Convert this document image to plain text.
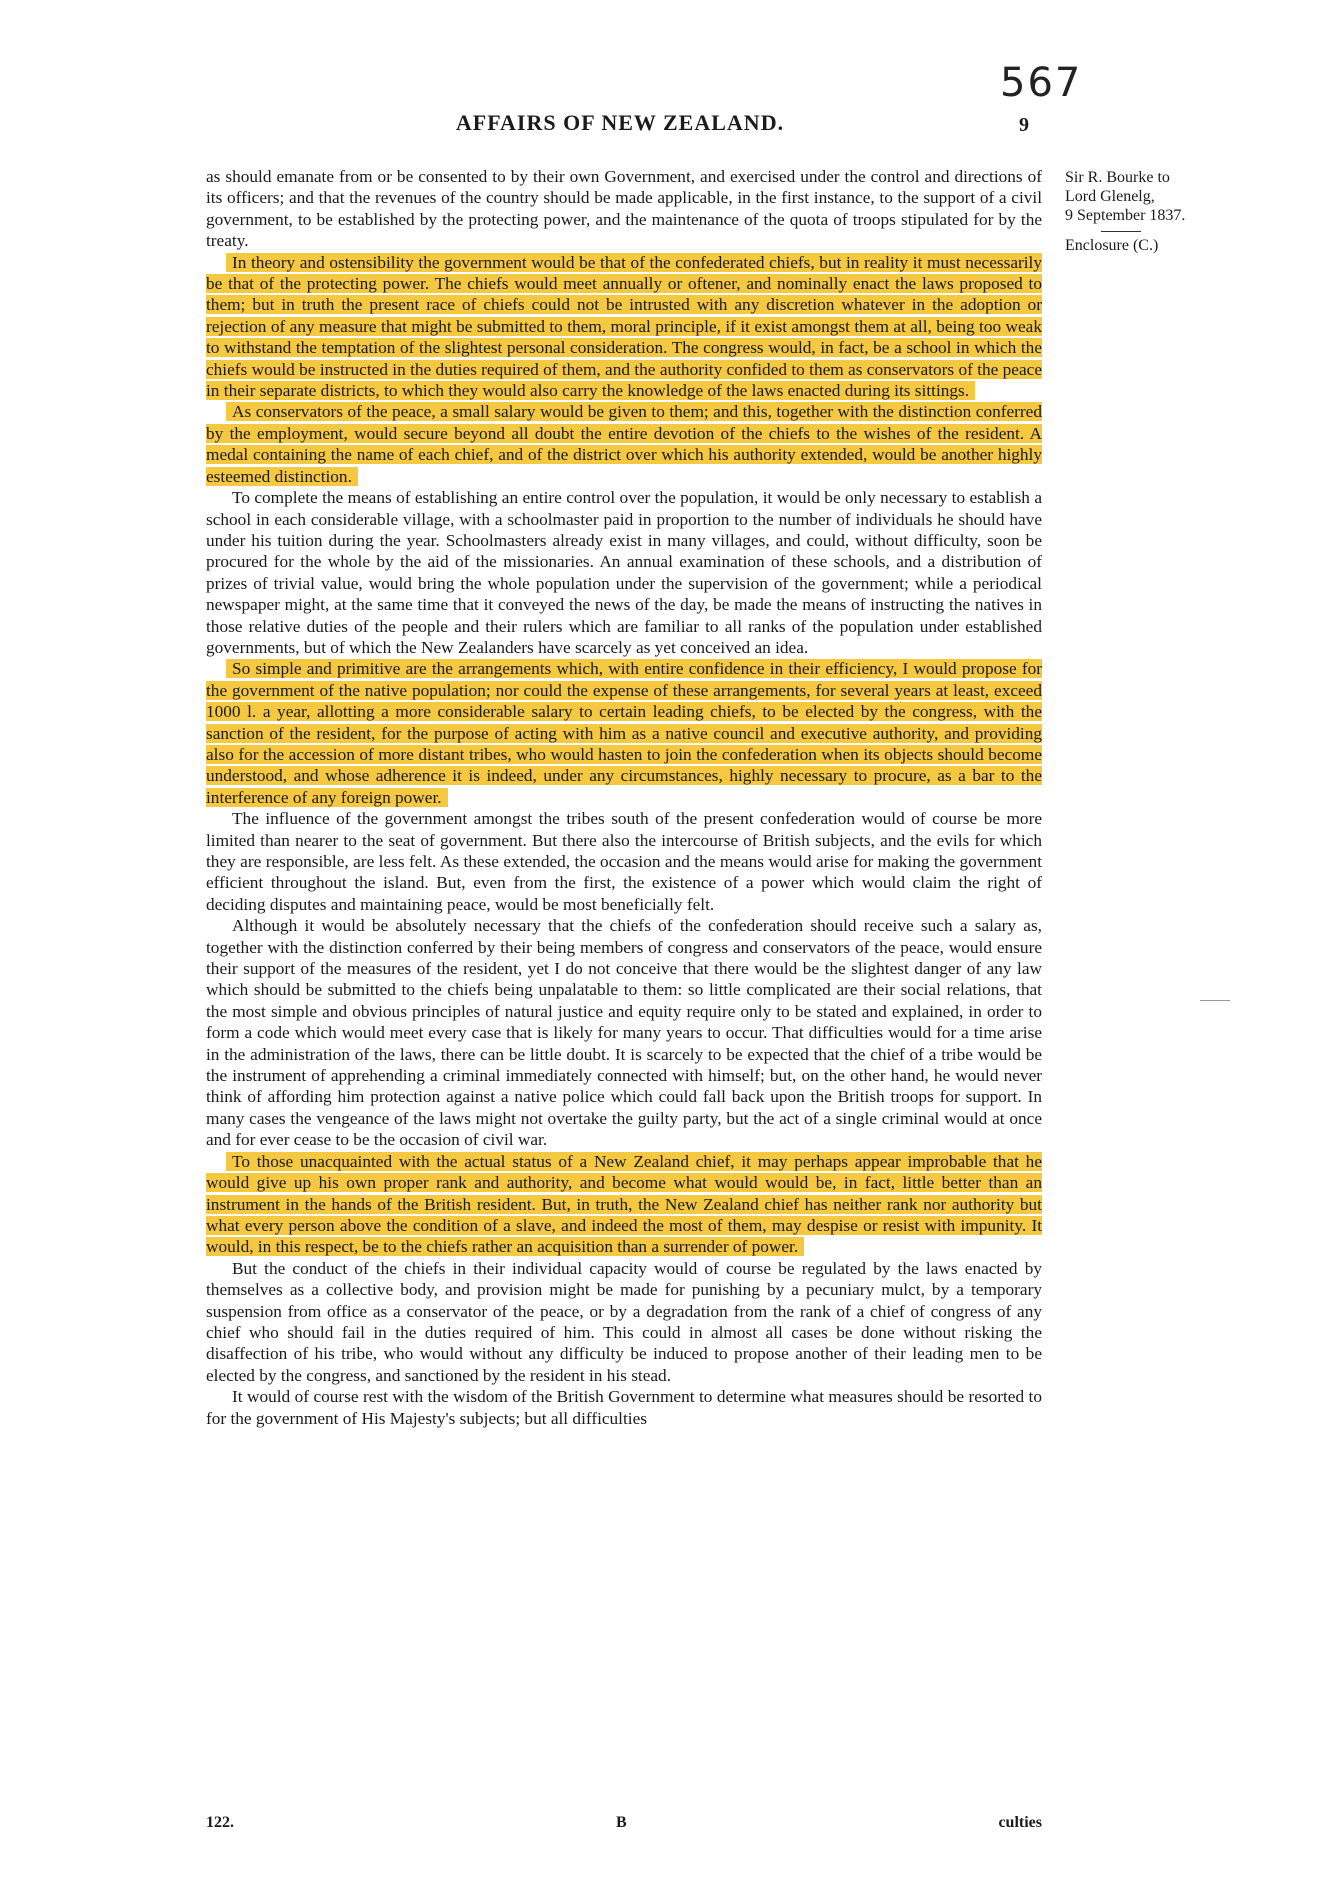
567
AFFAIRS OF NEW ZEALAND.	9
Sir R. Bourke to
Lord Glenelg,
9 September 1837.
Enclosure (C.)

as should emanate from or be consented to by their own Government, and exercised under the control and directions of its officers; and that the revenues of the country should be made applicable, in the first instance, to the support of a civil government, to be established by the protecting power, and the maintenance of the quota of troops stipulated for by the treaty.

In theory and ostensibility the government would be that of the confederated chiefs, but in reality it must necessarily be that of the protecting power. The chiefs would meet annually or oftener, and nominally enact the laws proposed to them; but in truth the present race of chiefs could not be intrusted with any discretion whatever in the adoption or rejection of any measure that might be submitted to them, moral principle, if it exist amongst them at all, being too weak to withstand the temptation of the slightest personal consideration. The congress would, in fact, be a school in which the chiefs would be instructed in the duties required of them, and the authority confided to them as conservators of the peace in their separate districts, to which they would also carry the knowledge of the laws enacted during its sittings.

As conservators of the peace, a small salary would be given to them; and this, together with the distinction conferred by the employment, would secure beyond all doubt the entire devotion of the chiefs to the wishes of the resident. A medal containing the name of each chief, and of the district over which his authority extended, would be another highly esteemed distinction.

To complete the means of establishing an entire control over the population, it would be only necessary to establish a school in each considerable village, with a schoolmaster paid in proportion to the number of individuals he should have under his tuition during the year. Schoolmasters already exist in many villages, and could, without difficulty, soon be procured for the whole by the aid of the missionaries. An annual examination of these schools, and a distribution of prizes of trivial value, would bring the whole population under the supervision of the government; while a periodical newspaper might, at the same time that it conveyed the news of the day, be made the means of instructing the natives in those relative duties of the people and their rulers which are familiar to all ranks of the population under established governments, but of which the New Zealanders have scarcely as yet conceived an idea.

So simple and primitive are the arrangements which, with entire confidence in their efficiency, I would propose for the government of the native population; nor could the expense of these arrangements, for several years at least, exceed 1000 l. a year, allotting a more considerable salary to certain leading chiefs, to be elected by the congress, with the sanction of the resident, for the purpose of acting with him as a native council and executive authority, and providing also for the accession of more distant tribes, who would hasten to join the confederation when its objects should become understood, and whose adherence it is indeed, under any circumstances, highly necessary to procure, as a bar to the interference of any foreign power.

The influence of the government amongst the tribes south of the present confederation would of course be more limited than nearer to the seat of government. But there also the intercourse of British subjects, and the evils for which they are responsible, are less felt. As these extended, the occasion and the means would arise for making the government efficient throughout the island. But, even from the first, the existence of a power which would claim the right of deciding disputes and maintaining peace, would be most beneficially felt.

Although it would be absolutely necessary that the chiefs of the confederation should receive such a salary as, together with the distinction conferred by their being members of congress and conservators of the peace, would ensure their support of the measures of the resident, yet I do not conceive that there would be the slightest danger of any law which should be submitted to the chiefs being unpalatable to them: so little complicated are their social relations, that the most simple and obvious principles of natural justice and equity require only to be stated and explained, in order to form a code which would meet every case that is likely for many years to occur. That difficulties would for a time arise in the administration of the laws, there can be little doubt. It is scarcely to be expected that the chief of a tribe would be the instrument of apprehending a criminal immediately connected with himself; but, on the other hand, he would never think of affording him protection against a native police which could fall back upon the British troops for support. In many cases the vengeance of the laws might not overtake the guilty party, but the act of a single criminal would at once and for ever cease to be the occasion of civil war.

To those unacquainted with the actual status of a New Zealand chief, it may perhaps appear improbable that he would give up his own proper rank and authority, and become what would would be, in fact, little better than an instrument in the hands of the British resident. But, in truth, the New Zealand chief has neither rank nor authority but what every person above the condition of a slave, and indeed the most of them, may despise or resist with impunity. It would, in this respect, be to the chiefs rather an acquisition than a surrender of power.

But the conduct of the chiefs in their individual capacity would of course be regulated by the laws enacted by themselves as a collective body, and provision might be made for punishing by a pecuniary mulct, by a temporary suspension from office as a conservator of the peace, or by a degradation from the rank of a chief of congress of any chief who should fail in the duties required of him. This could in almost all cases be done without risking the disaffection of his tribe, who would without any difficulty be induced to propose another of their leading men to be elected by the congress, and sanctioned by the resident in his stead.

It would of course rest with the wisdom of the British Government to determine what measures should be resorted to for the government of His Majesty's subjects; but all difficulties

122.	B	culties
